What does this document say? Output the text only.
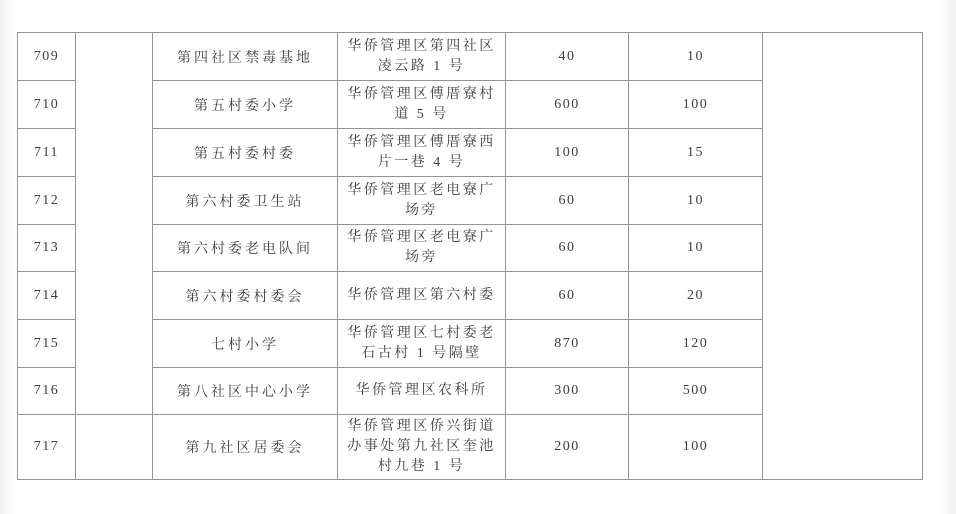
709		第四社区禁毒基地	华侨管理区第四社区凌云路 1 号	40	10	
710		第五村委小学	华侨管理区傅厝寮村道 5 号	600	100	
711		第五村委村委	华侨管理区傅厝寮西片一巷 4 号	100	15	
712		第六村委卫生站	华侨管理区老电寮广场旁	60	10	
713		第六村委老电队间	华侨管理区老电寮广场旁	60	10	
714		第六村委村委会	华侨管理区第六村委	60	20	
715		七村小学	华侨管理区七村委老石古村 1 号隔壁	870	120	
716		第八社区中心小学	华侨管理区农科所	300	500	
717		第九社区居委会	华侨管理区侨兴街道办事处第九社区奎池村九巷 1 号	200	100	
